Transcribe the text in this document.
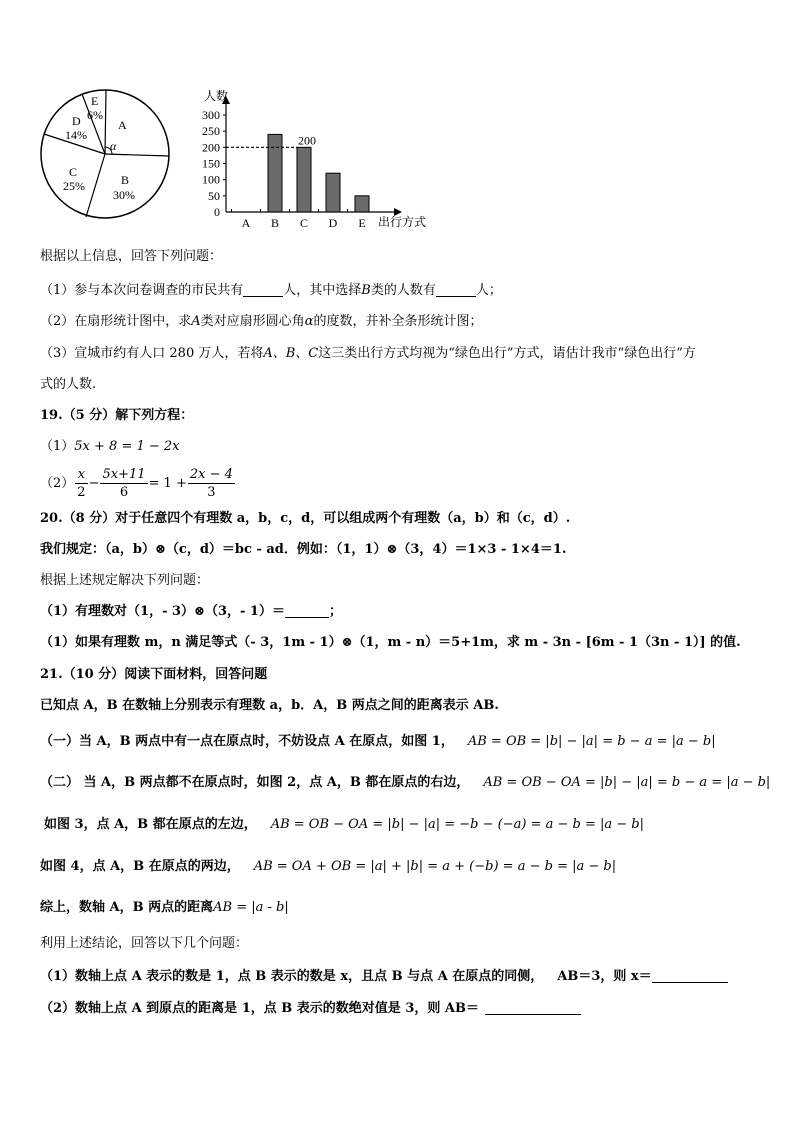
E
6%
D
14%
A
α
C
25%	B
30%
人数
出行方式
0
50
100
150
200
250
300
A B C D E
200
根据以上信息，回答下列问题：
（1）参与本次问卷调查的市民共有	人，其中选择B类的人数有	人；
（2）在扇形统计图中，求A类对应扇形圆心角α的度数，并补全条形统计图；
（3）宣城市约有人口 280 万人，若将A、B、C这三类出行方式均视为“绿色出行”方式，请估计我市“绿色出行”方
式的人数.
19.（5 分）解下列方程：
（1）5x + 8 = 1 − 2x
$(2) \frac{x}{2} - \frac{5x+11}{6} = 1 + \frac{2x - 4}{3}$
20.（8 分）对于任意四个有理数 a，b，c，d，可以组成两个有理数（a，b）和（c，d）.
我们规定：（a，b）⊗（c，d）＝bc - ad．例如：（1，1）⊗（3，4）＝1×3 - 1×4＝1.
根据上述规定解决下列问题：
（1）有理数对（1，- 3）⊗（3，- 1）＝	；
（1）如果有理数 m，n 满足等式（- 3，1m - 1）⊗（1，m - n）＝5+1m，求 m - 3n - [6m - 1（3n - 1）] 的值.
21.（10 分）阅读下面材料，回答问题
已知点 A，B 在数轴上分别表示有理数 a，b．A，B 两点之间的距离表示 AB.
（一）当 A，B 两点中有一点在原点时，不妨设点 A 在原点，如图 1， AB = OB = |b| − |a| = b − a = |a − b|
（二） 当 A，B 两点都不在原点时，如图 2，点 A，B 都在原点的右边， AB = OB − OA = |b| − |a| = b − a = |a − b|
如图 3，点 A，B 都在原点的左边， AB = OB − OA = |b| − |a| = −b − (−a) = a − b = |a − b|
如图 4，点 A，B 在原点的两边， AB = OA + OB = |a| + |b| = a + (−b) = a − b = |a − b|
综上，数轴 A，B 两点的距离AB = |a - b|
利用上述结论，回答以下几个问题：
（1）数轴上点 A 表示的数是 1，点 B 表示的数是 x，且点 B 与点 A 在原点的同侧， AB＝3，则 x＝
（2）数轴上点 A 到原点的距离是 1，点 B 表示的数绝对值是 3，则 AB＝
